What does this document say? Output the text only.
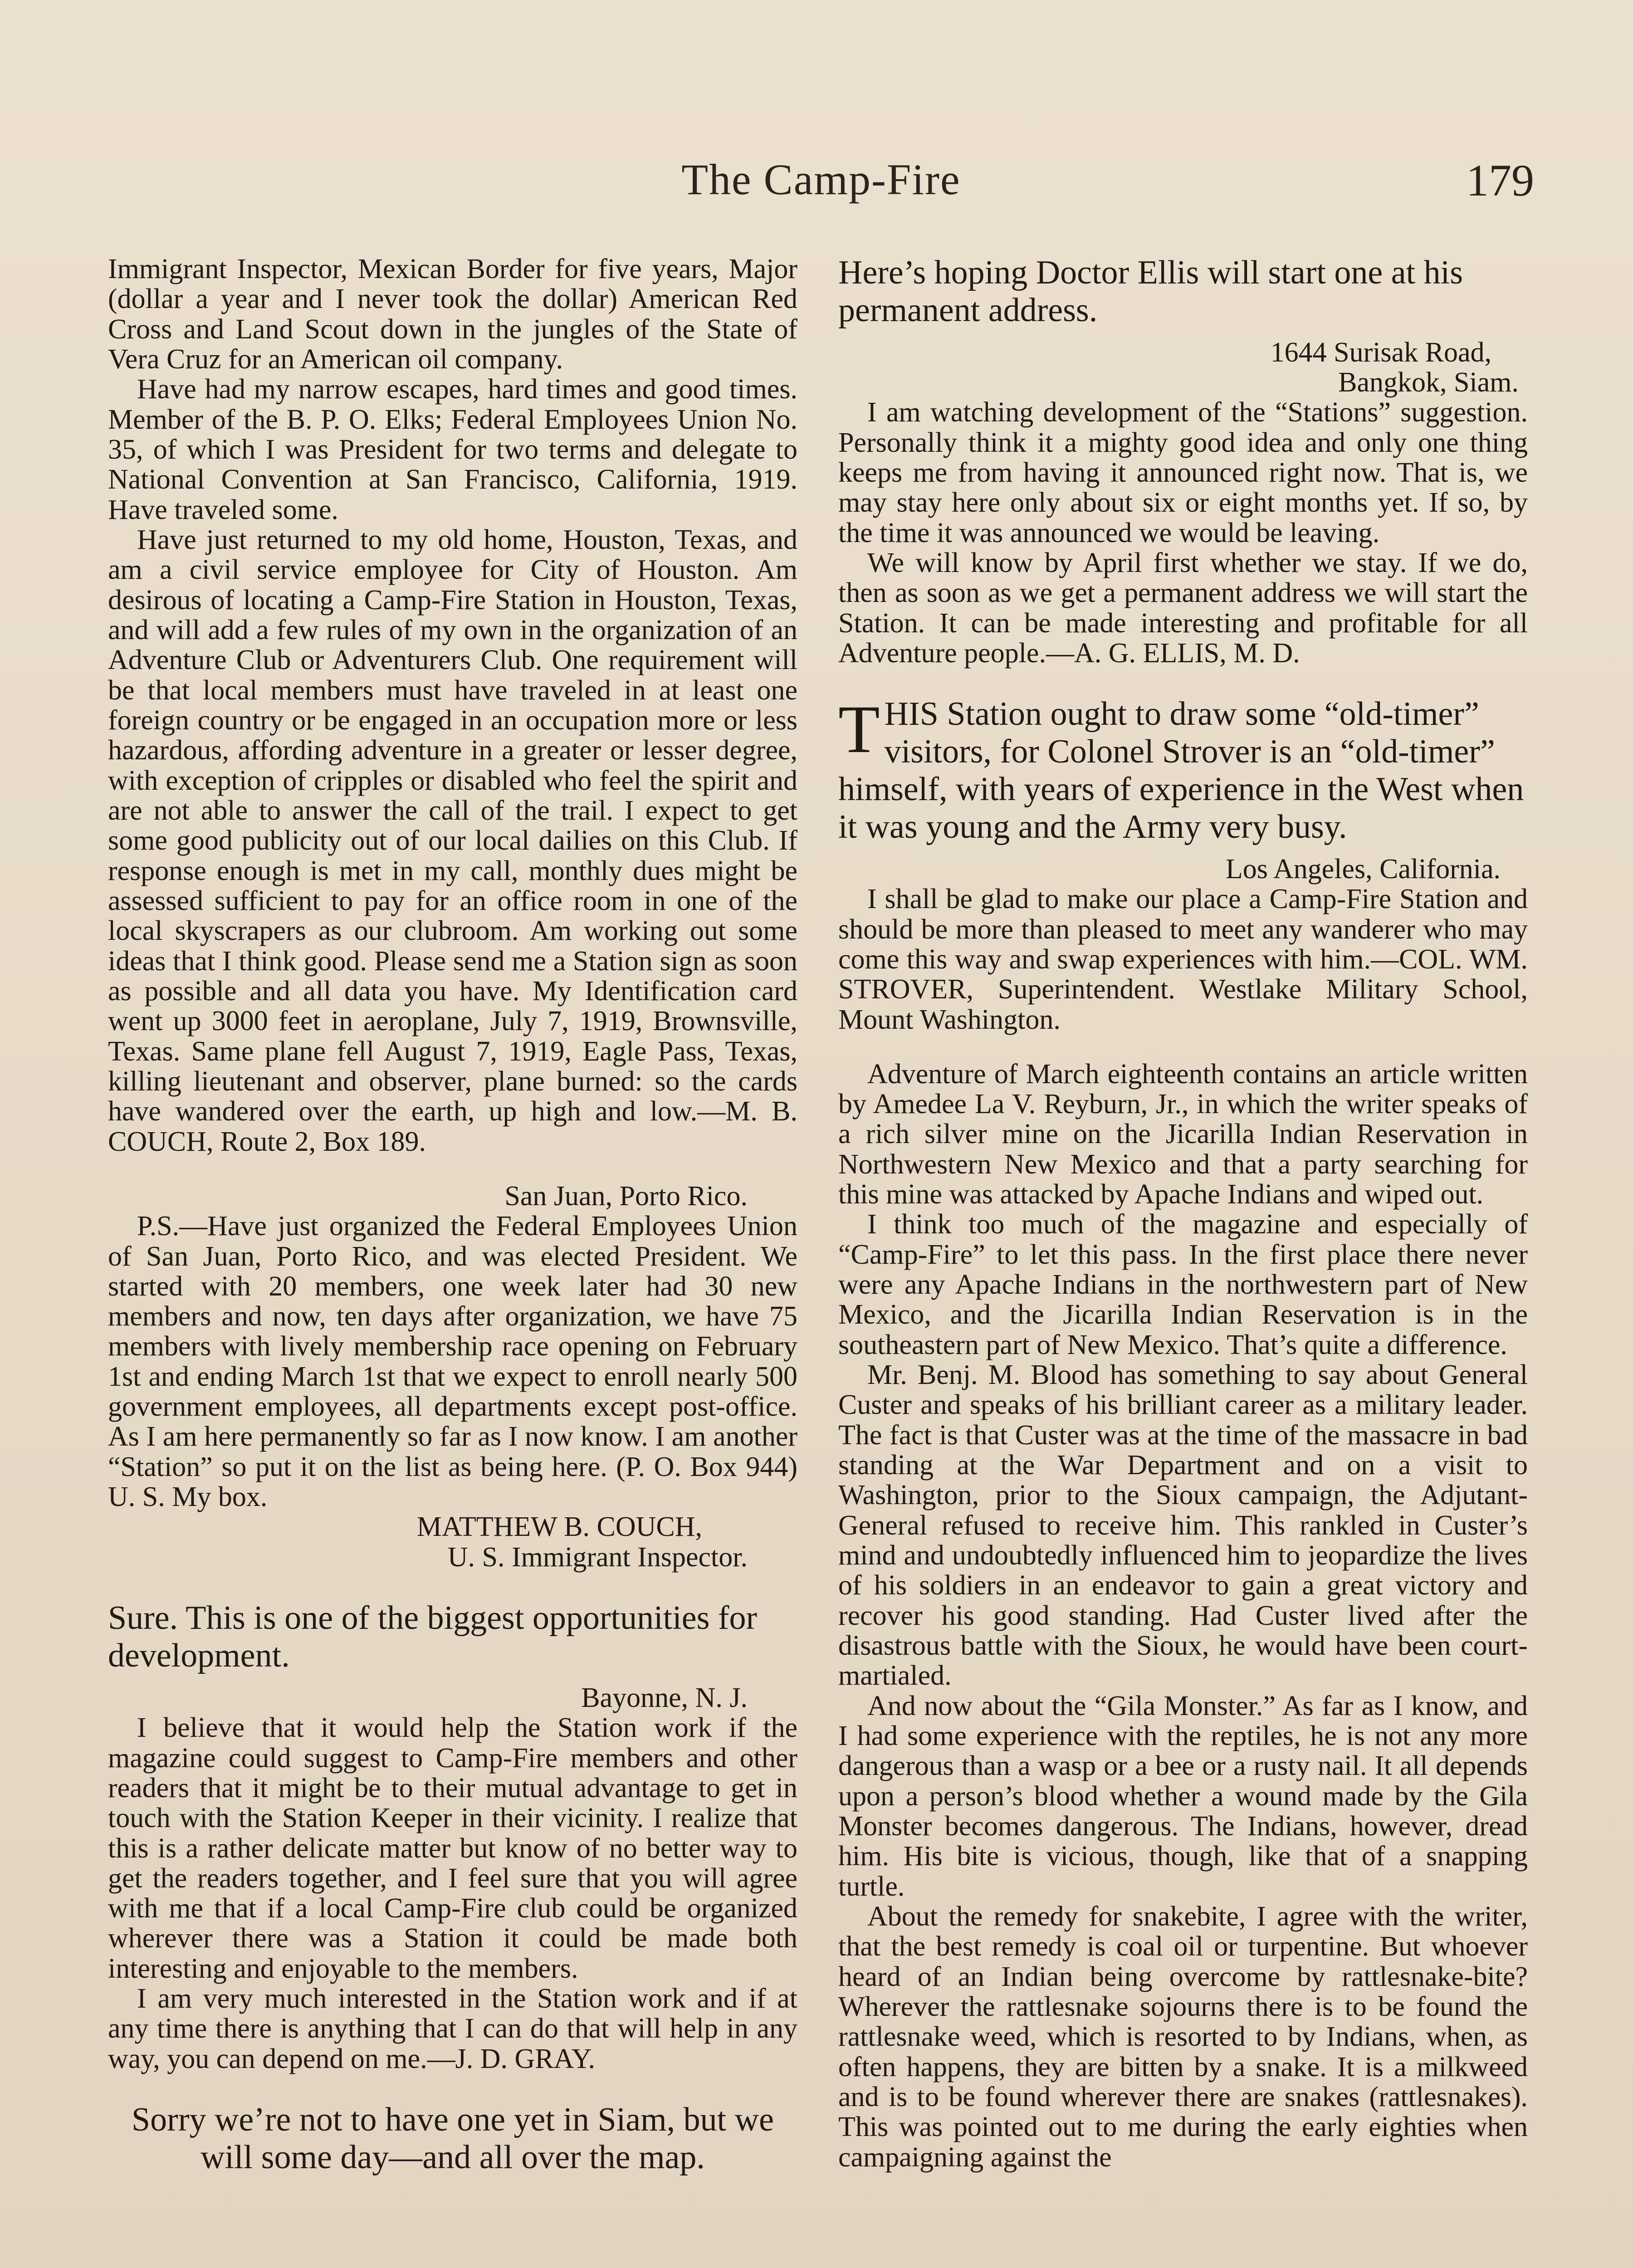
The Camp-Fire	179

Immigrant Inspector, Mexican Border for five years, Major (dollar a year and I never took the dollar) American Red Cross and Land Scout down in the jungles of the State of Vera Cruz for an American oil company.

Have had my narrow escapes, hard times and good times. Member of the B. P. O. Elks; Federal Employees Union No. 35, of which I was President for two terms and delegate to National Convention at San Francisco, California, 1919. Have traveled some.

Have just returned to my old home, Houston, Texas, and am a civil service employee for City of Houston. Am desirous of locating a Camp-Fire Station in Houston, Texas, and will add a few rules of my own in the organization of an Adventure Club or Adventurers Club. One requirement will be that local members must have traveled in at least one foreign country or be engaged in an occupation more or less hazardous, affording adventure in a greater or lesser degree, with exception of cripples or disabled who feel the spirit and are not able to answer the call of the trail. I expect to get some good publicity out of our local dailies on this Club. If response enough is met in my call, monthly dues might be assessed sufficient to pay for an office room in one of the local skyscrapers as our clubroom. Am working out some ideas that I think good. Please send me a Station sign as soon as possible and all data you have. My Identification card went up 3000 feet in aeroplane, July 7, 1919, Brownsville, Texas. Same plane fell August 7, 1919, Eagle Pass, Texas, killing lieutenant and observer, plane burned: so the cards have wandered over the earth, up high and low.—M. B. COUCH, Route 2, Box 189.

San Juan, Porto Rico.

P.S.—Have just organized the Federal Employees Union of San Juan, Porto Rico, and was elected President. We started with 20 members, one week later had 30 new members and now, ten days after organization, we have 75 members with lively membership race opening on February 1st and ending March 1st that we expect to enroll nearly 500 government employees, all departments except post-office. As I am here permanently so far as I now know. I am another “Station” so put it on the list as being here. (P. O. Box 944) U. S. My box.

MATTHEW B. COUCH,

U. S. Immigrant Inspector.

Sure. This is one of the biggest opportunities for development.

Bayonne, N. J.

I believe that it would help the Station work if the magazine could suggest to Camp-Fire members and other readers that it might be to their mutual advantage to get in touch with the Station Keeper in their vicinity. I realize that this is a rather delicate matter but know of no better way to get the readers together, and I feel sure that you will agree with me that if a local Camp-Fire club could be organized wherever there was a Station it could be made both interesting and enjoyable to the members.

I am very much interested in the Station work and if at any time there is anything that I can do that will help in any way, you can depend on me.—J. D. GRAY.

Sorry we’re not to have one yet in Siam, but we will some day—and all over the map.

Here’s hoping Doctor Ellis will start one at his permanent address.

1644 Surisak Road,

Bangkok, Siam.

I am watching development of the “Stations” suggestion. Personally think it a mighty good idea and only one thing keeps me from having it announced right now. That is, we may stay here only about six or eight months yet. If so, by the time it was announced we would be leaving.

We will know by April first whether we stay. If we do, then as soon as we get a permanent address we will start the Station. It can be made interesting and profitable for all Adventure people.—A. G. ELLIS, M. D.

THIS Station ought to draw some “old-timer” visitors, for Colonel Strover is an “old-timer” himself, with years of experience in the West when it was young and the Army very busy.

Los Angeles, California.

I shall be glad to make our place a Camp-Fire Station and should be more than pleased to meet any wanderer who may come this way and swap experiences with him.—COL. WM. STROVER, Superintendent. Westlake Military School, Mount Washington.

Adventure of March eighteenth contains an article written by Amedee La V. Reyburn, Jr., in which the writer speaks of a rich silver mine on the Jicarilla Indian Reservation in Northwestern New Mexico and that a party searching for this mine was attacked by Apache Indians and wiped out.

I think too much of the magazine and especially of “Camp-Fire” to let this pass. In the first place there never were any Apache Indians in the northwestern part of New Mexico, and the Jicarilla Indian Reservation is in the southeastern part of New Mexico. That’s quite a difference.

Mr. Benj. M. Blood has something to say about General Custer and speaks of his brilliant career as a military leader. The fact is that Custer was at the time of the massacre in bad standing at the War Department and on a visit to Washington, prior to the Sioux campaign, the Adjutant-General refused to receive him. This rankled in Custer’s mind and undoubtedly influenced him to jeopardize the lives of his soldiers in an endeavor to gain a great victory and recover his good standing. Had Custer lived after the disastrous battle with the Sioux, he would have been court-martialed.

And now about the “Gila Monster.” As far as I know, and I had some experience with the reptiles, he is not any more dangerous than a wasp or a bee or a rusty nail. It all depends upon a person’s blood whether a wound made by the Gila Monster becomes dangerous. The Indians, however, dread him. His bite is vicious, though, like that of a snapping turtle.

About the remedy for snakebite, I agree with the writer, that the best remedy is coal oil or turpentine. But whoever heard of an Indian being overcome by rattlesnake-bite? Wherever the rattlesnake sojourns there is to be found the rattlesnake weed, which is resorted to by Indians, when, as often happens, they are bitten by a snake. It is a milkweed and is to be found wherever there are snakes (rattlesnakes). This was pointed out to me during the early eighties when campaigning against the
